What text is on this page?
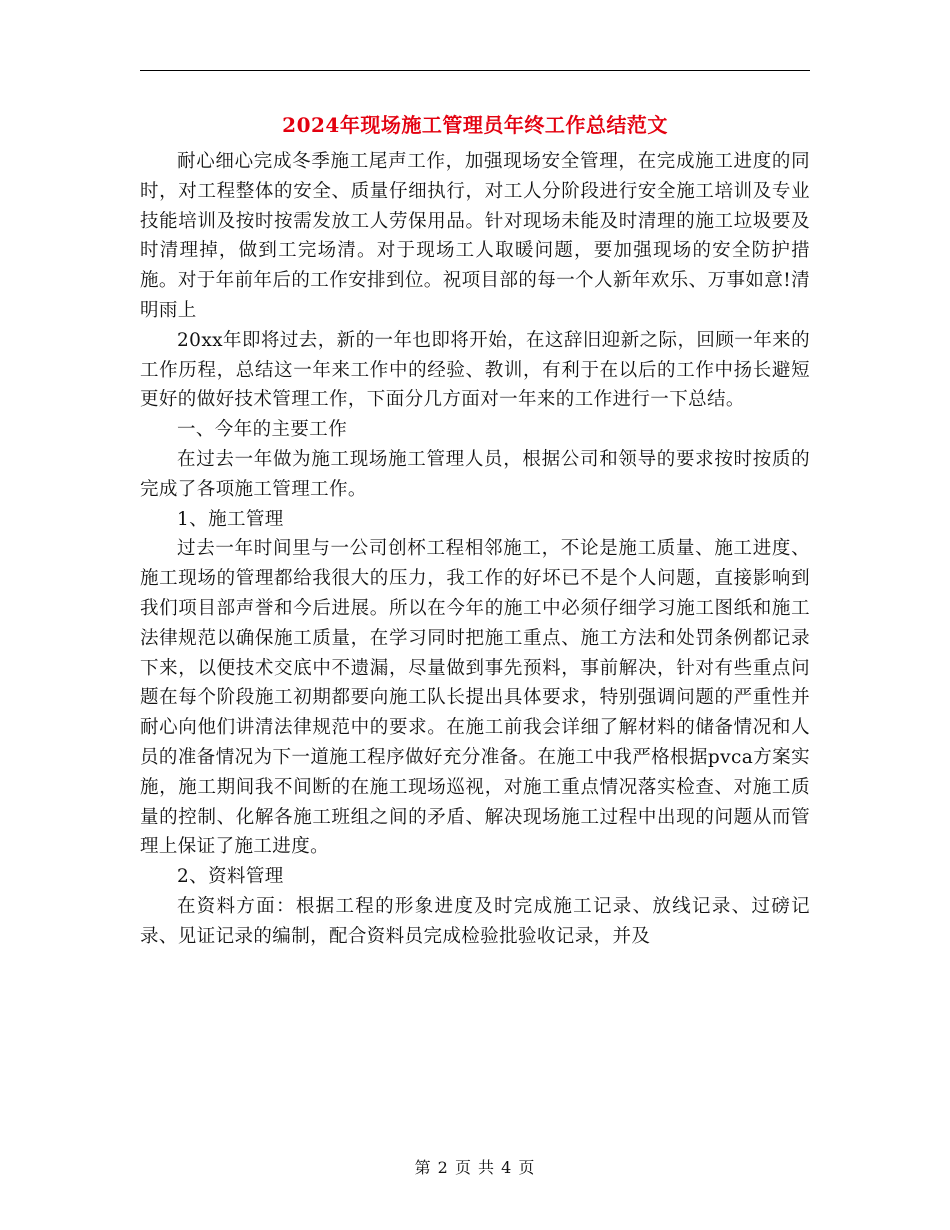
2024年现场施工管理员年终工作总结范文

耐心细心完成冬季施工尾声工作，加强现场安全管理，在完成施工进度的同时，对工程整体的安全、质量仔细执行，对工人分阶段进行安全施工培训及专业技能培训及按时按需发放工人劳保用品。针对现场未能及时清理的施工垃圾要及时清理掉，做到工完场清。对于现场工人取暖问题，要加强现场的安全防护措施。对于年前年后的工作安排到位。祝项目部的每一个人新年欢乐、万事如意!清明雨上

20xx年即将过去，新的一年也即将开始，在这辞旧迎新之际，回顾一年来的工作历程，总结这一年来工作中的经验、教训，有利于在以后的工作中扬长避短更好的做好技术管理工作，下面分几方面对一年来的工作进行一下总结。

一、今年的主要工作

在过去一年做为施工现场施工管理人员，根据公司和领导的要求按时按质的完成了各项施工管理工作。

1、施工管理

过去一年时间里与一公司创杯工程相邻施工，不论是施工质量、施工进度、施工现场的管理都给我很大的压力，我工作的好坏已不是个人问题，直接影响到我们项目部声誉和今后进展。所以在今年的施工中必须仔细学习施工图纸和施工法律规范以确保施工质量，在学习同时把施工重点、施工方法和处罚条例都记录下来，以便技术交底中不遗漏，尽量做到事先预料，事前解决，针对有些重点问题在每个阶段施工初期都要向施工队长提出具体要求，特别强调问题的严重性并耐心向他们讲清法律规范中的要求。在施工前我会详细了解材料的储备情况和人员的准备情况为下一道施工程序做好充分准备。在施工中我严格根据pvca方案实施，施工期间我不间断的在施工现场巡视，对施工重点情况落实检查、对施工质量的控制、化解各施工班组之间的矛盾、解决现场施工过程中出现的问题从而管理上保证了施工进度。

2、资料管理

在资料方面：根据工程的形象进度及时完成施工记录、放线记录、过磅记录、见证记录的编制，配合资料员完成检验批验收记录，并及

第 2 页 共 4 页
